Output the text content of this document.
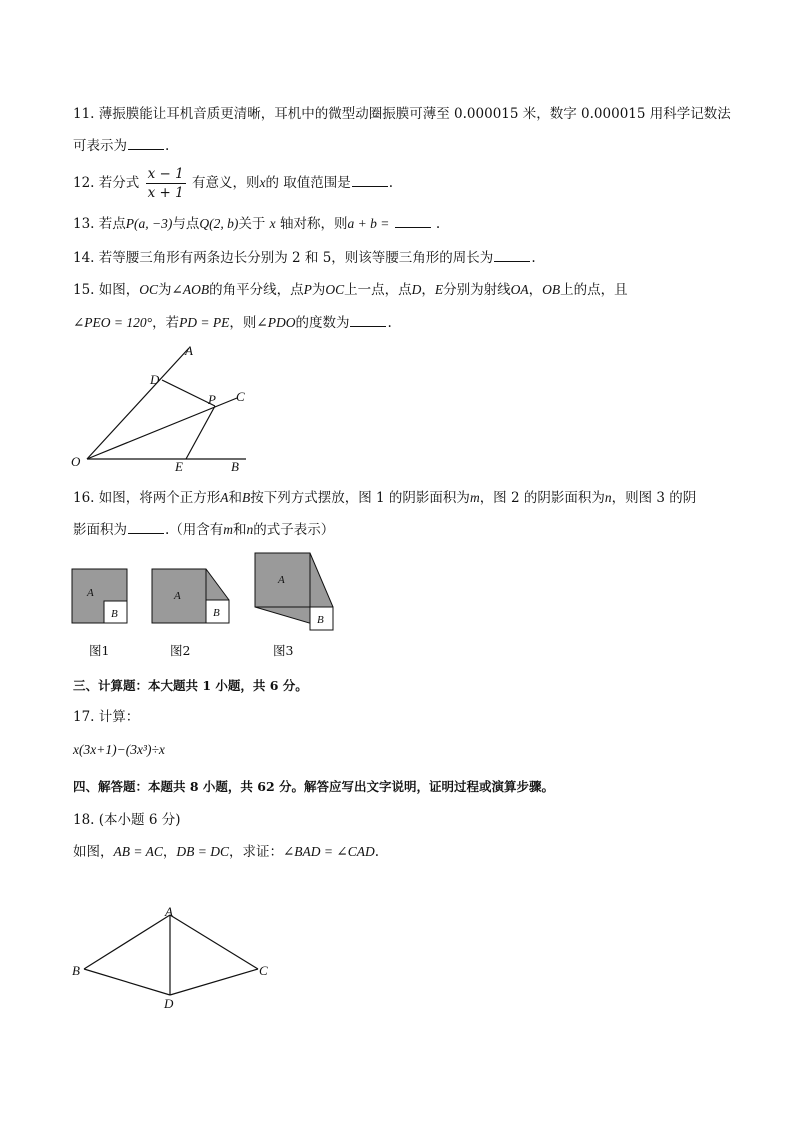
11. 薄振膜能让耳机音质更清晰，耳机中的微型动圈振膜可薄至 0.000015 米，数字 0.000015 用科学记数法
可表示为	.
12. 若分式 $\frac{x - 1}{x + 1}$ 有意义，则x的 取值范围是	.
13. 若点P(a, −3)与点Q(2, b)关于 x 轴对称，则a + b =	.
14. 若等腰三角形有两条边长分别为 2 和 5，则该等腰三角形的周长为	.
15. 如图，OC为∠AOB的角平分线，点P为OC上一点，点D，E分别为射线OA，OB上的点，且
∠PEO = 120°，若PD = PE，则∠PDO的度数为	.
A
D
P C
O	E	B
16. 如图，将两个正方形A和B按下列方式摆放，图 1 的阴影面积为m，图 2 的阴影面积为n，则图 3 的阴
影面积为	.（用含有m和n的式子表示）
A
B
A
B
A
B
图1	图2	图3
三、计算题：本大题共 1 小题，共 6 分。
17. 计算：
x(3x+1)−(3x³)÷x
四、解答题：本题共 8 小题，共 62 分。解答应写出文字说明，证明过程或演算步骤。
18. (本小题 6 分)
如图，AB = AC，DB = DC，求证：∠BAD = ∠CAD.
A
B	C
D
